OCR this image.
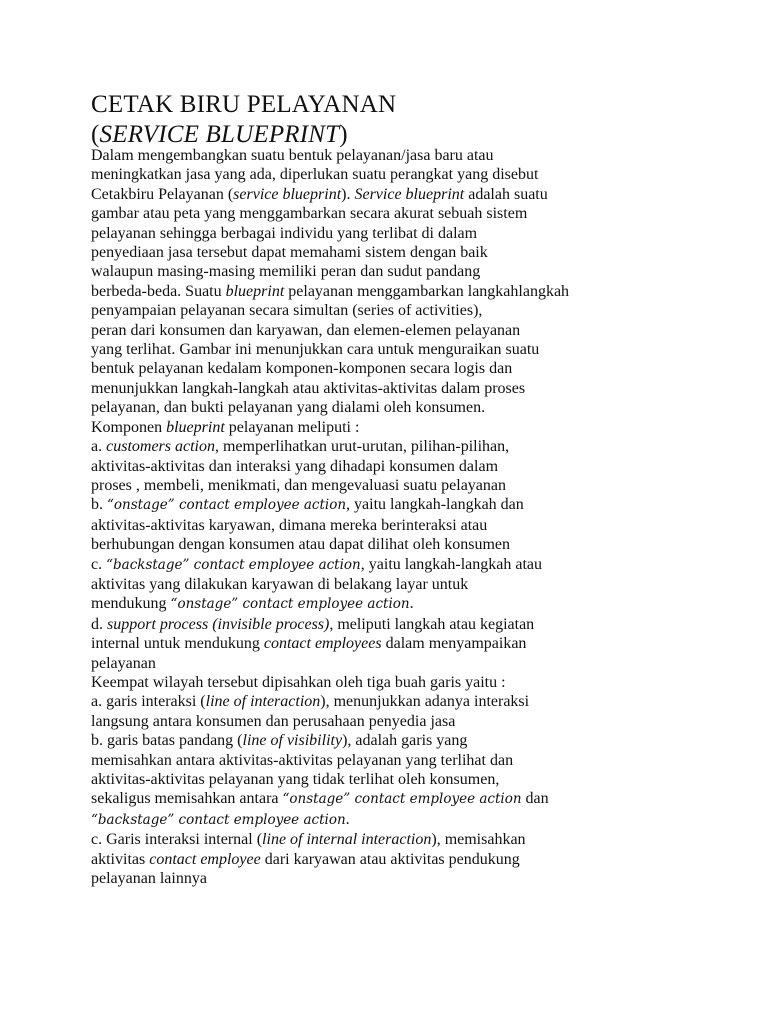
CETAK BIRU PELAYANAN
(SERVICE BLUEPRINT)
Dalam mengembangkan suatu bentuk pelayanan/jasa baru atau
meningkatkan jasa yang ada, diperlukan suatu perangkat yang disebut
Cetakbiru Pelayanan (service blueprint). Service blueprint adalah suatu
gambar atau peta yang menggambarkan secara akurat sebuah sistem
pelayanan sehingga berbagai individu yang terlibat di dalam
penyediaan jasa tersebut dapat memahami sistem dengan baik
walaupun masing-masing memiliki peran dan sudut pandang
berbeda-beda. Suatu blueprint pelayanan menggambarkan langkahlangkah
penyampaian pelayanan secara simultan (series of activities),
peran dari konsumen dan karyawan, dan elemen-elemen pelayanan
yang terlihat. Gambar ini menunjukkan cara untuk menguraikan suatu
bentuk pelayanan kedalam komponen-komponen secara logis dan
menunjukkan langkah-langkah atau aktivitas-aktivitas dalam proses
pelayanan, dan bukti pelayanan yang dialami oleh konsumen.
Komponen blueprint pelayanan meliputi :
a. customers action, memperlihatkan urut-urutan, pilihan-pilihan,
aktivitas-aktivitas dan interaksi yang dihadapi konsumen dalam
proses , membeli, menikmati, dan mengevaluasi suatu pelayanan
b. “onstage” contact employee action, yaitu langkah-langkah dan
aktivitas-aktivitas karyawan, dimana mereka berinteraksi atau
berhubungan dengan konsumen atau dapat dilihat oleh konsumen
c. “backstage” contact employee action, yaitu langkah-langkah atau
aktivitas yang dilakukan karyawan di belakang layar untuk
mendukung “onstage” contact employee action.
d. support process (invisible process), meliputi langkah atau kegiatan
internal untuk mendukung contact employees dalam menyampaikan
pelayanan
Keempat wilayah tersebut dipisahkan oleh tiga buah garis yaitu :
a. garis interaksi (line of interaction), menunjukkan adanya interaksi
langsung antara konsumen dan perusahaan penyedia jasa
b. garis batas pandang (line of visibility), adalah garis yang
memisahkan antara aktivitas-aktivitas pelayanan yang terlihat dan
aktivitas-aktivitas pelayanan yang tidak terlihat oleh konsumen,
sekaligus memisahkan antara “onstage” contact employee action dan
“backstage” contact employee action.
c. Garis interaksi internal (line of internal interaction), memisahkan
aktivitas contact employee dari karyawan atau aktivitas pendukung
pelayanan lainnya
